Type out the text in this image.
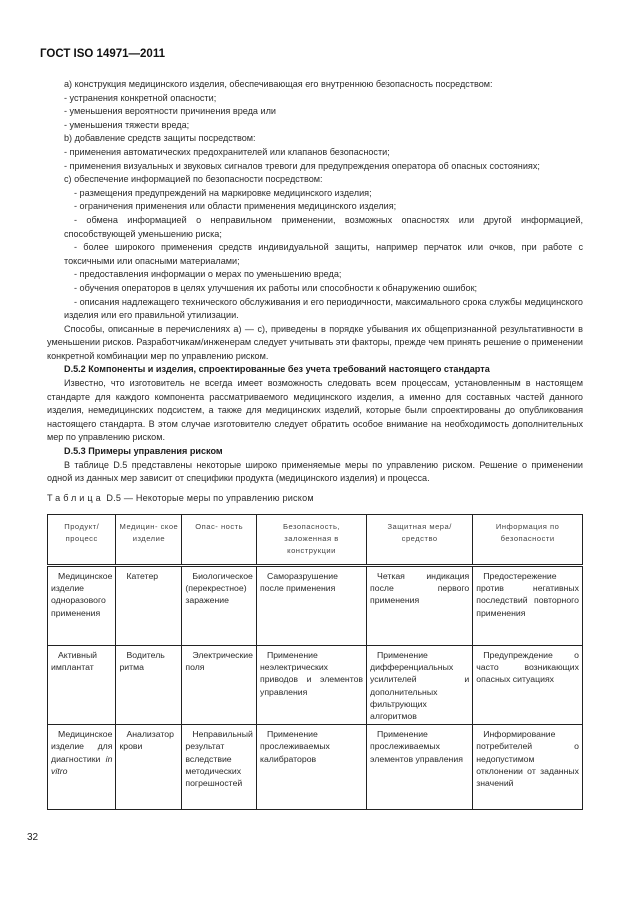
ГОСТ ISO 14971—2011

a) конструкция медицинского изделия, обеспечивающая его внутреннюю безопасность посредством:

- устранения конкретной опасности;

- уменьшения вероятности причинения вреда или

- уменьшения тяжести вреда;

b) добавление средств защиты посредством:

- применения автоматических предохранителей или клапанов безопасности;

- применения визуальных и звуковых сигналов тревоги для предупреждения оператора об опасных состояниях;

c) обеспечение информацией по безопасности посредством:

- размещения предупреждений на маркировке медицинского изделия;

- ограничения применения или области применения медицинского изделия;

- обмена информацией о неправильном применении, возможных опасностях или другой информацией, способствующей уменьшению риска;

- более широкого применения средств индивидуальной защиты, например перчаток или очков, при работе с токсичными или опасными материалами;

- предоставления информации о мерах по уменьшению вреда;

- обучения операторов в целях улучшения их работы или способности к обнаружению ошибок;

- описания надлежащего технического обслуживания и его периодичности, максимального срока службы медицинского изделия или его правильной утилизации.

Способы, описанные в перечислениях a) — c), приведены в порядке убывания их общепризнанной результативности в уменьшении рисков. Разработчикам/инженерам следует учитывать эти факторы, прежде чем принять решение о применении конкретной комбинации мер по управлению риском.

D.5.2 Компоненты и изделия, спроектированные без учета требований настоящего стандарта

Известно, что изготовитель не всегда имеет возможность следовать всем процессам, установленным в настоящем стандарте для каждого компонента рассматриваемого медицинского изделия, а именно для составных частей данного изделия, немедицинских подсистем, а также для медицинских изделий, которые были спроектированы до опубликования настоящего стандарта. В этом случае изготовителю следует обратить особое внимание на необходимость дополнительных мер по управлению риском.

D.5.3 Примеры управления риском

В таблице D.5 представлены некоторые широко применяемые меры по управлению риском. Решение о применении одной из данных мер зависит от специфики продукта (медицинского изделия) и процесса.

Таблица D.5 — Некоторые меры по управлению риском

Продукт/ процесс	Медицин- ское изделие	Опас- ность	Безопасность, заложенная в конструкции	Защитная мера/средство	Информация по безопасности
Медицинское изделие одноразового применения	Катетер	Биологическое (перекрестное) заражение	Саморазрушение после применения	Четкая индикация после первого применения	Предостережение против негативных последствий повторного применения
Активный имплантат	Водитель ритма	Электрические поля	Применение неэлектрических приводов и элементов управления	Применение дифференциальных усилителей и дополнительных фильтрующих алгоритмов	Предупреждение о часто возникающих опасных ситуациях
Медицинское изделие для диагностики in vitro	Анализатор крови	Неправильный результат вследствие методических погрешностей	Применение прослеживаемых калибраторов	Применение прослеживаемых элементов управления	Информирование потребителей о недопустимом отклонении от заданных значений
32
